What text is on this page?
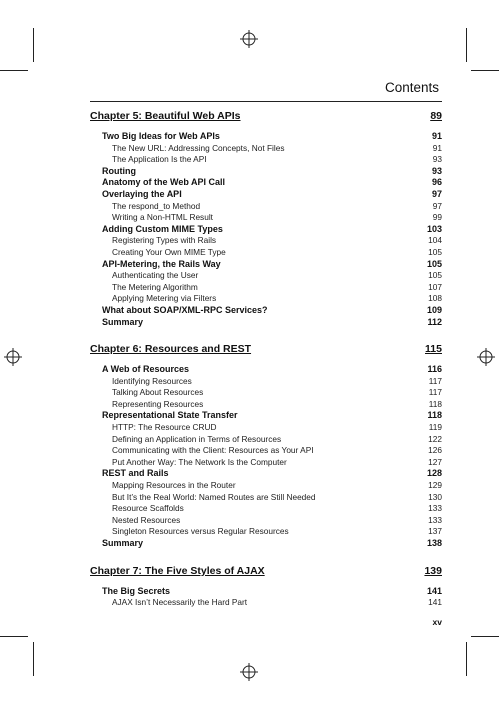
Contents
Chapter 5: Beautiful Web APIs	89
Two Big Ideas for Web APIs	91
The New URL: Addressing Concepts, Not Files	91
The Application Is the API	93
Routing	93
Anatomy of the Web API Call	96
Overlaying the API	97
The respond_to Method	97
Writing a Non-HTML Result	99
Adding Custom MIME Types	103
Registering Types with Rails	104
Creating Your Own MIME Type	105
API-Metering, the Rails Way	105
Authenticating the User	105
The Metering Algorithm	107
Applying Metering via Filters	108
What about SOAP/XML-RPC Services?	109
Summary	112
Chapter 6: Resources and REST	115
A Web of Resources	116
Identifying Resources	117
Talking About Resources	117
Representing Resources	118
Representational State Transfer	118
HTTP: The Resource CRUD	119
Defining an Application in Terms of Resources	122
Communicating with the Client: Resources as Your API	126
Put Another Way: The Network Is the Computer	127
REST and Rails	128
Mapping Resources in the Router	129
But It’s the Real World: Named Routes are Still Needed	130
Resource Scaffolds	133
Nested Resources	133
Singleton Resources versus Regular Resources	137
Summary	138
Chapter 7: The Five Styles of AJAX	139
The Big Secrets	141
AJAX Isn’t Necessarily the Hard Part	141
xv
